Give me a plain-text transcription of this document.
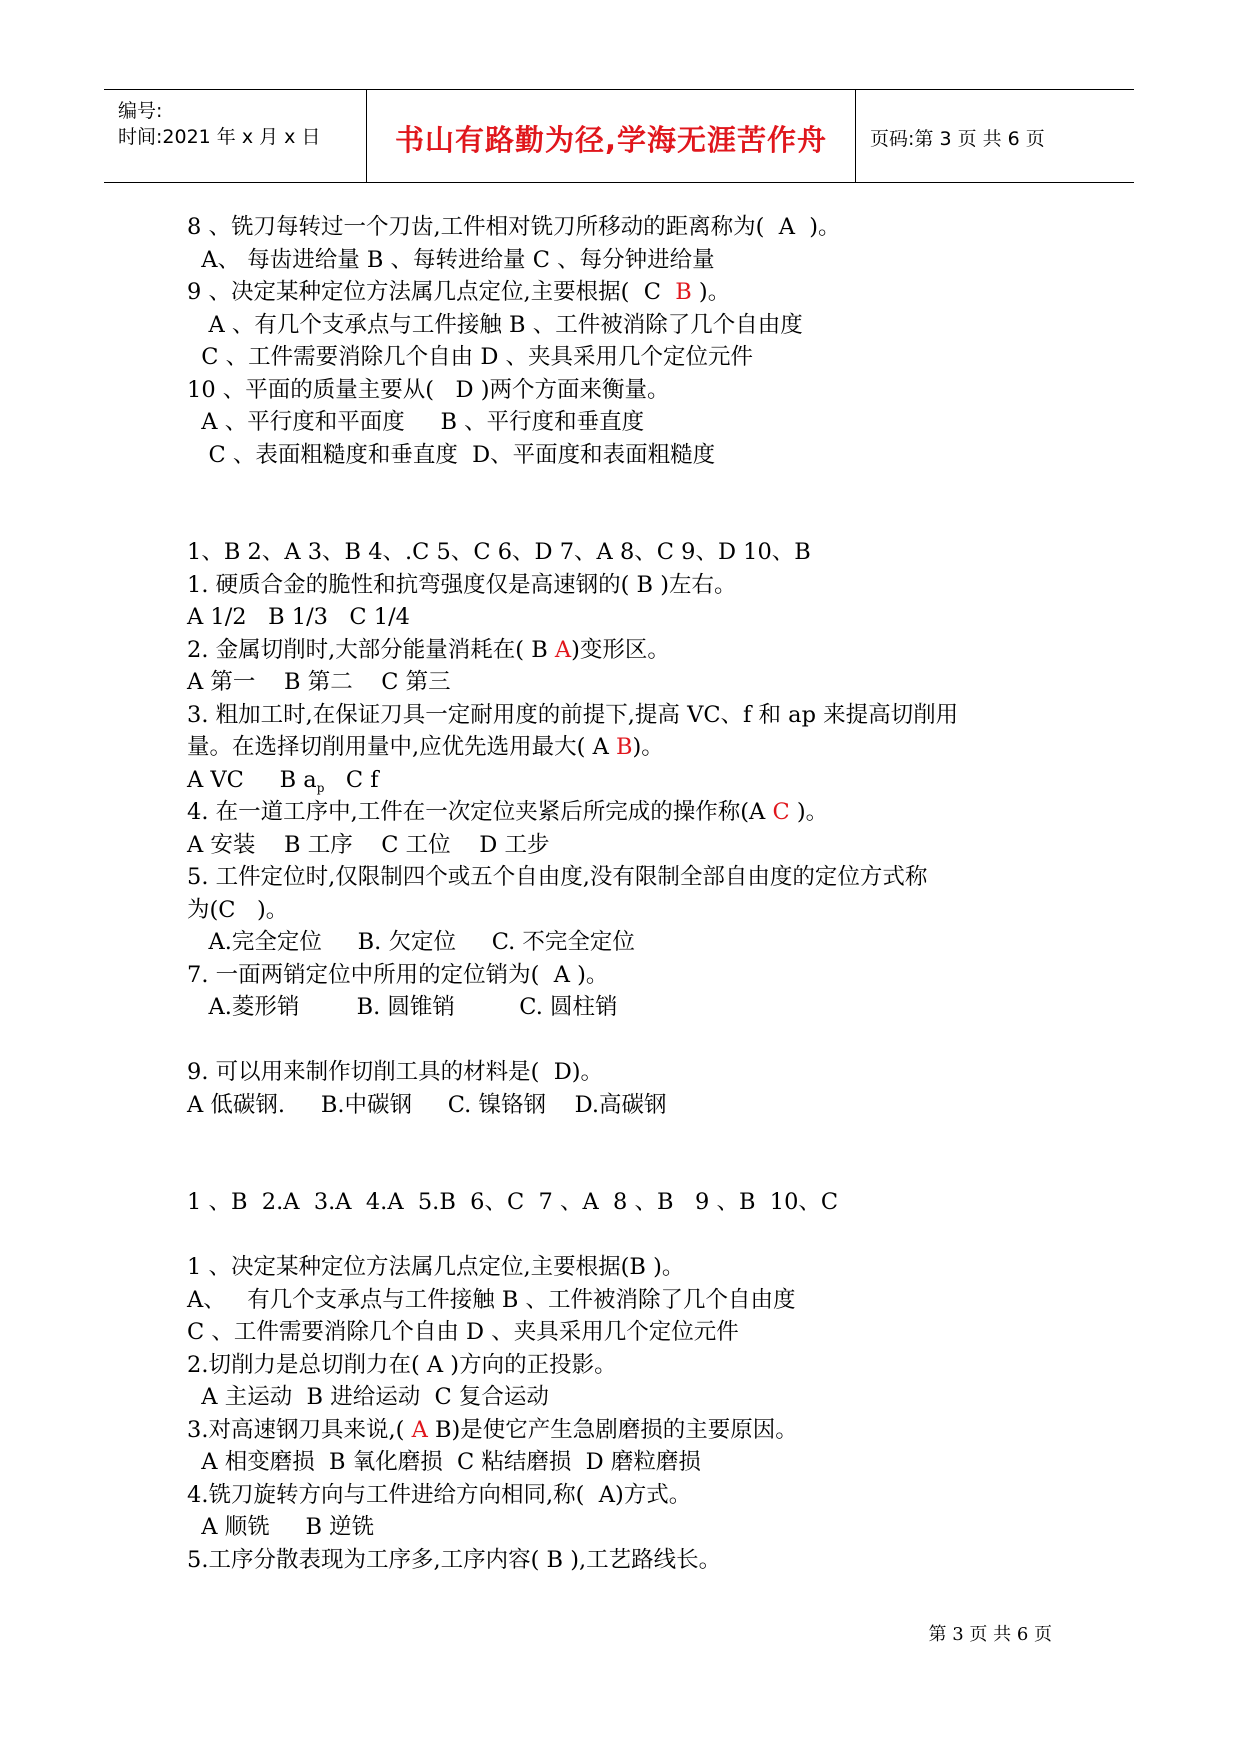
编号:
时间:2021 年 x 月 x 日	书山有路勤为径,学海无涯苦作舟	页码:第 3 页 共 6 页
8 、铣刀每转过一个刀齿,工件相对铣刀所移动的距离称为(  A  )。
A、 每齿进给量 B 、每转进给量 C 、每分钟进给量
9 、决定某种定位方法属几点定位,主要根据(  C  B )。
A 、有几个支承点与工件接触 B 、工件被消除了几个自由度
C 、工件需要消除几个自由 D 、夹具采用几个定位元件
10 、平面的质量主要从(   D )两个方面来衡量。
A 、平行度和平面度     B 、平行度和垂直度
C 、表面粗糙度和垂直度  D、平面度和表面粗糙度
1、B 2、A 3、B 4、.C 5、C 6、D 7、A 8、C 9、D 10、B
1. 硬质合金的脆性和抗弯强度仅是高速钢的( B )左右。
A 1/2   B 1/3   C 1/4
2. 金属切削时,大部分能量消耗在( B A)变形区。
A 第一    B 第二    C 第三
3. 粗加工时,在保证刀具一定耐用度的前提下,提高 VC、f 和 ap 来提高切削用
量。在选择切削用量中,应优先选用最大( A B)。
A VC     B $a_p$   C f
4. 在一道工序中,工件在一次定位夹紧后所完成的操作称(A C )。
A 安装    B 工序    C 工位    D 工步
5. 工件定位时,仅限制四个或五个自由度,没有限制全部自由度的定位方式称
为(C   )。
A.完全定位     B. 欠定位     C. 不完全定位
7. 一面两销定位中所用的定位销为(  A )。
A.菱形销        B. 圆锥销         C. 圆柱销
9. 可以用来制作切削工具的材料是(  D)。
A 低碳钢.     B.中碳钢     C. 镍铬钢    D.高碳钢
1 、B  2.A  3.A  4.A  5.B  6、C  7 、A  8 、B   9 、B  10、C
1 、决定某种定位方法属几点定位,主要根据(B )。
A、   有几个支承点与工件接触 B 、工件被消除了几个自由度
C 、工件需要消除几个自由 D 、夹具采用几个定位元件
2.切削力是总切削力在( A )方向的正投影。
A 主运动  B 进给运动  C 复合运动
3.对高速钢刀具来说,( A B)是使它产生急剧磨损的主要原因。
A 相变磨损  B 氧化磨损  C 粘结磨损  D 磨粒磨损
4.铣刀旋转方向与工件进给方向相同,称(  A)方式。
A 顺铣     B 逆铣
5.工序分散表现为工序多,工序内容( B ),工艺路线长。
第 3 页 共 6 页
